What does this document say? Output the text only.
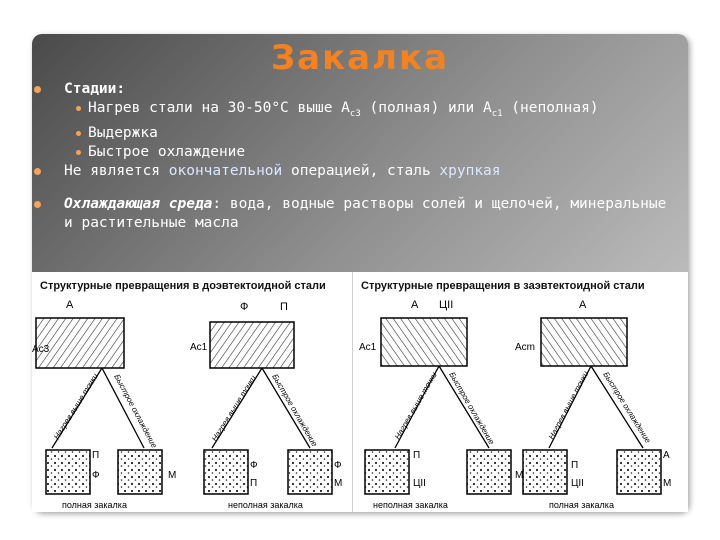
Закалка
Стадии:
Нагрев стали на 30-50°С выше $А_{c3}$ (полная) или $А_{c1}$ (неполная)
Выдержка
Быстрое охлаждение
Не является окончательной операцией, сталь хрупкая
Охлаждающая среда: вода, водные растворы солей и щелочей, минеральные и растительные масла
Структурные превращения в доэвтектоидной стали
А	Ф	П
Ас3	Ас1
Нагрев выше точки Быстрое охлаждение	Нагрев выше точки Быстрое охлаждение
П
Ф	М
Ф
П
Ф
М
полная закалка	неполная закалка
Структурные превращения в заэвтектоидной стали
А ЦII	А
Ас1	Асm
Нагрев выше точки Быстрое охлаждение	Нагрев выше точки Быстрое охлаждение
П
ЦII
М
П
ЦII
А
М
неполная закалка	полная закалка
